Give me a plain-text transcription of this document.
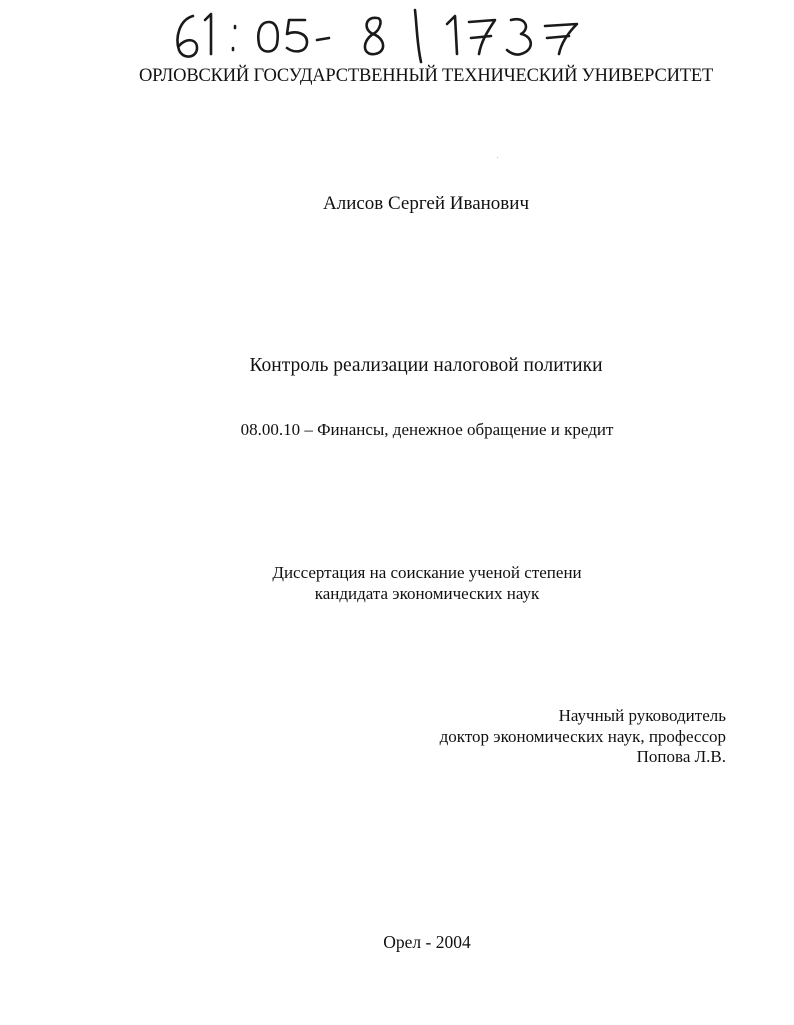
ОРЛОВСКИЙ ГОСУДАРСТВЕННЫЙ ТЕХНИЧЕСКИЙ УНИВЕРСИТЕТ

Алисов Сергей Иванович

Контроль реализации налоговой политики

08.00.10 – Финансы, денежное обращение и кредит

Диссертация на соискание ученой степени
кандидата экономических наук

Научный руководитель
доктор экономических наук, профессор
Попова Л.В.

Орел - 2004
